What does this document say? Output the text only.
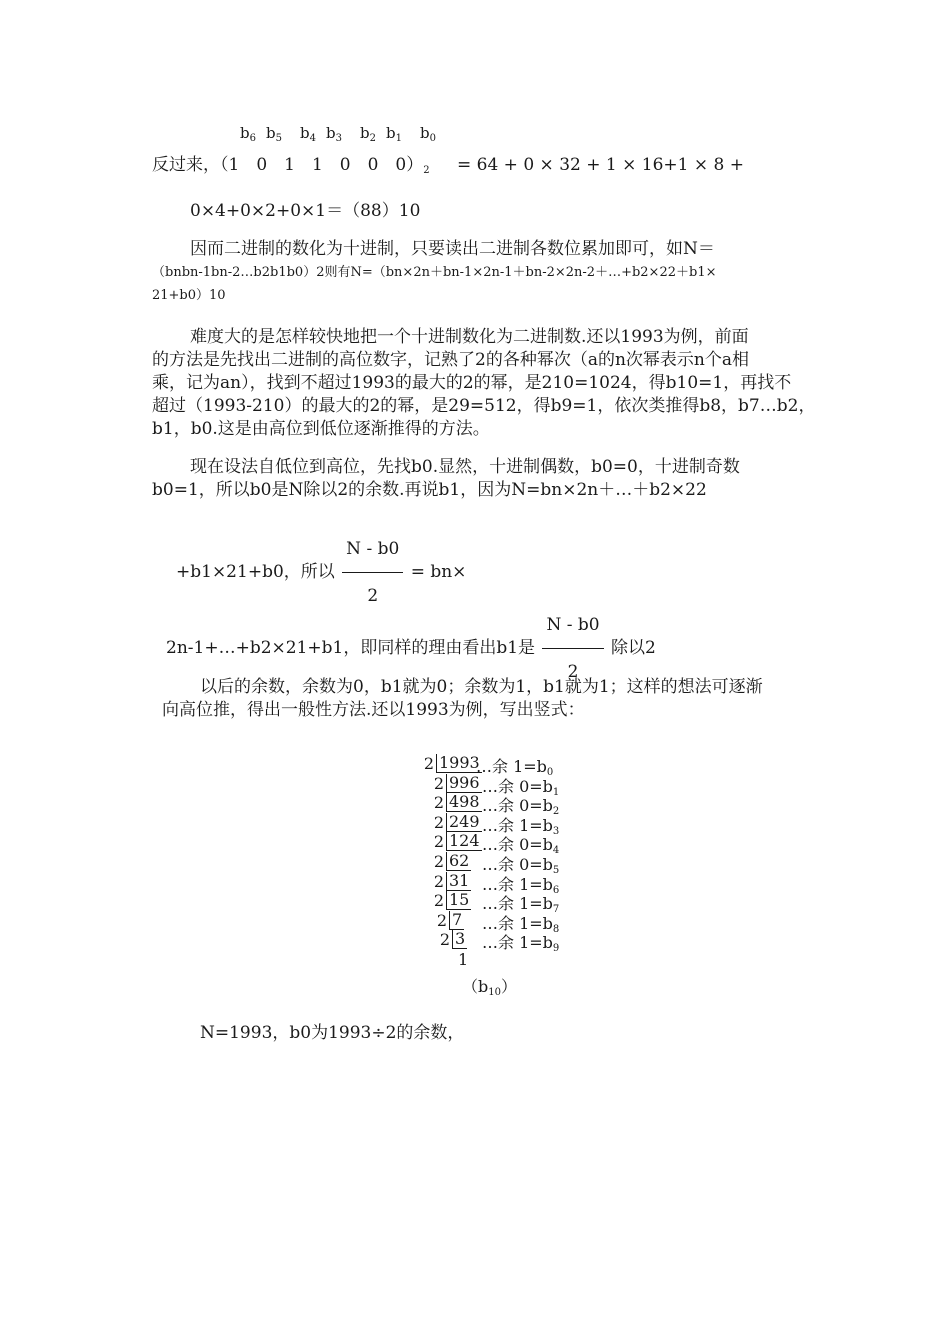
$b_6$ $b_5$ $b_4$ $b_3$ $b_2$ $b_1$ $b_0$
反过来，（1　0　1　1　0　0　$0)_2 = 64 + 0 \times 32 + 1 \times 16+1 \times 8$ +
0×4+0×2+0×1＝（88）10
因而二进制的数化为十进制，只要读出二进制各数位累加即可，如N＝
（bnbn-1bn-2…b2b1b0）2则有N=（bn×2n＋bn-1×2n-1＋bn-2×2n-2＋…+b2×22＋b1×
21+b0）10
难度大的是怎样较快地把一个十进制数化为二进制数.还以1993为例，前面
的方法是先找出二进制的高位数字，记熟了2的各种幂次（a的n次幂表示n个a相
乘，记为an），找到不超过1993的最大的2的幂，是210=1024，得b10=1，再找不
超过（1993-210）的最大的2的幂，是29=512，得b9=1，依次类推得b8，b7…b2，
b1，b0.这是由高位到低位逐渐推得的方法。
现在设法自低位到高位，先找b0.显然，十进制偶数，b0=0，十进制奇数
b0=1，所以b0是N除以2的余数.再说b1，因为N=bn×2n＋…＋b2×22
+b1×21+b0，所以 $\frac{N - b0}{2} = bn\times$
2n-1+…+b2×21+b1，即同样的理由看出b1是 $\frac{N - b0}{2}$ 除以2
以后的余数，余数为0，b1就为0；余数为1，b1就为1；这样的想法可逐渐
向高位推，得出一般性方法.还以1993为例，写出竖式：
2 1993
…余 $1=b_0$
2 996 …余 $0=b_1$
2 498 …余 $0=b_2$
2 249 …余 $1=b_3$
2 124 …余 $0=b_4$
2 62 …余 $0=b_5$
2 31 …余 $1=b_6$
2 15 …余 $1=b_7$
2 7 …余 $1=b_8$
2 3 …余 $1=b_9$
1
$(b_{10})$
N=1993，b0为1993÷2的余数，
